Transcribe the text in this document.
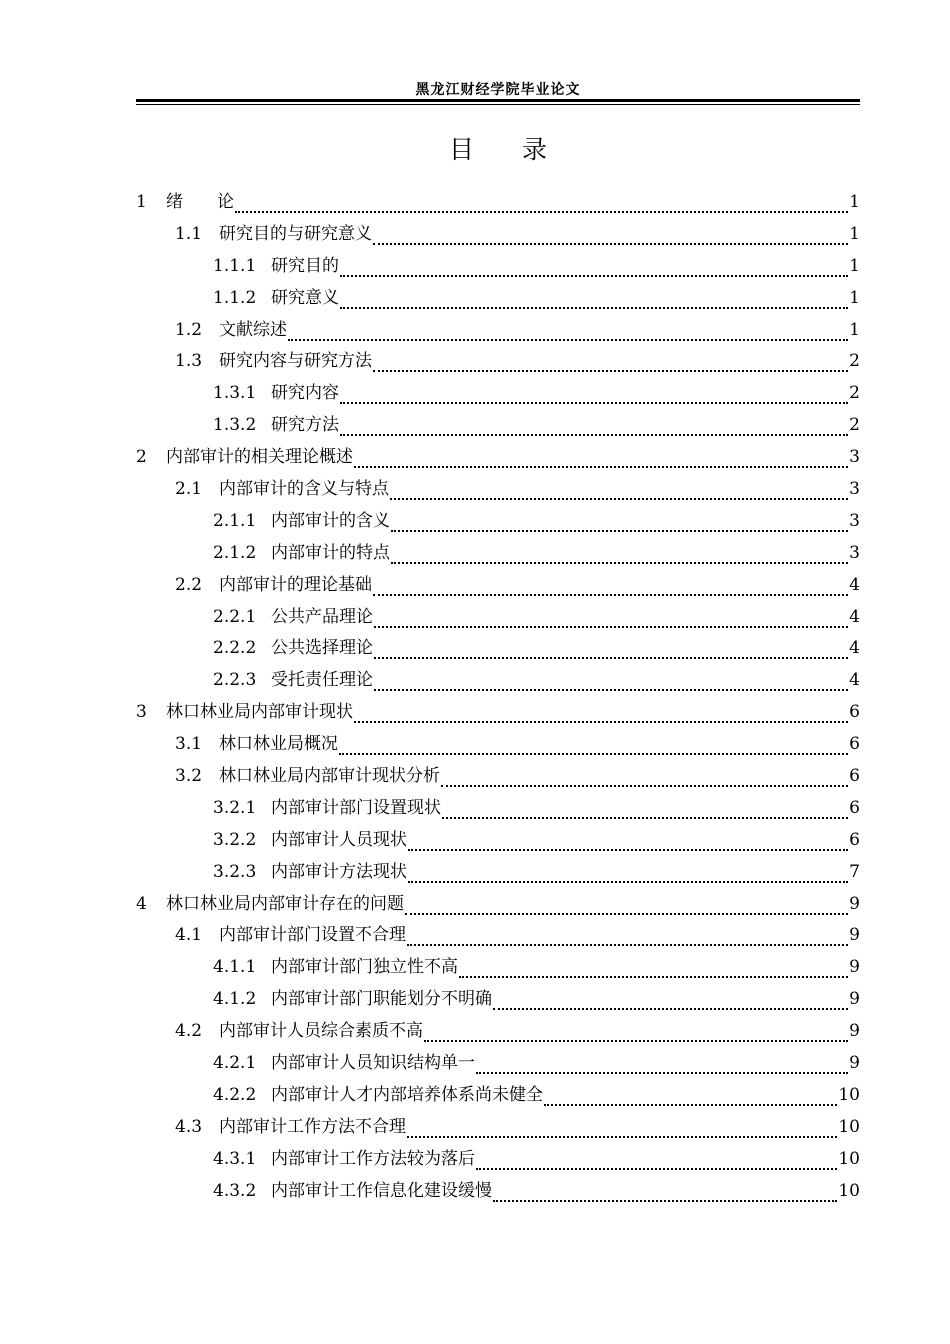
黑龙江财经学院毕业论文
目 录
1	绪　　论	1
1.1 研究目的与研究意义	1
1.1.1 研究目的	1
1.1.2 研究意义	1
1.2 文献综述	1
1.3 研究内容与研究方法	2
1.3.1 研究内容	2
1.3.2 研究方法	2
2	内部审计的相关理论概述	3
2.1 内部审计的含义与特点	3
2.1.1 内部审计的含义	3
2.1.2 内部审计的特点	3
2.2 内部审计的理论基础	4
2.2.1 公共产品理论	4
2.2.2 公共选择理论	4
2.2.3 受托责任理论	4
3	林口林业局内部审计现状	6
3.1 林口林业局概况	6
3.2 林口林业局内部审计现状分析	6
3.2.1 内部审计部门设置现状	6
3.2.2 内部审计人员现状	6
3.2.3 内部审计方法现状	7
4	林口林业局内部审计存在的问题	9
4.1 内部审计部门设置不合理	9
4.1.1 内部审计部门独立性不高	9
4.1.2 内部审计部门职能划分不明确	9
4.2 内部审计人员综合素质不高	9
4.2.1 内部审计人员知识结构单一	9
4.2.2 内部审计人才内部培养体系尚未健全	10
4.3 内部审计工作方法不合理	10
4.3.1 内部审计工作方法较为落后	10
4.3.2 内部审计工作信息化建设缓慢	10
